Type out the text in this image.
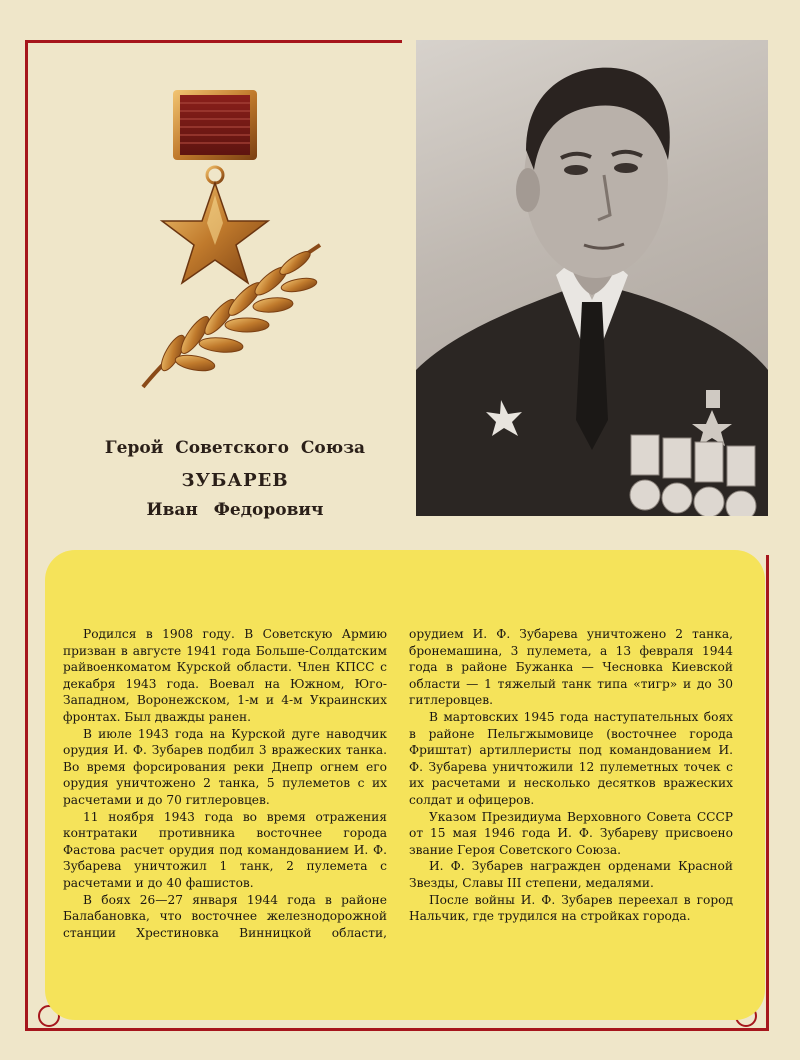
Герой Советского Союза
ЗУБАРЕВ
Иван Федорович

Родился в 1908 году. В Советскую Армию призван в августе 1941 года Больше-Солдатским райвоенкоматом Курской области. Член КПСС с декабря 1943 года. Воевал на Южном, Юго-Западном, Воронежском, 1-м и 4-м Украинских фронтах. Был дважды ранен.

В июле 1943 года на Курской дуге наводчик орудия И. Ф. Зубарев подбил 3 вражеских танка. Во время форсирования реки Днепр огнем его орудия уничтожено 2 танка, 5 пулеметов с их расчетами и до 70 гитлеровцев.

11 ноября 1943 года во время отражения контратаки противника восточнее города Фастова расчет орудия под командованием И. Ф. Зубарева уничтожил 1 танк, 2 пулемета с расчетами и до 40 фашистов.

В боях 26—27 января 1944 года в районе Балабановка, что восточнее железнодорожной станции Хрестиновка Винницкой области, орудием И. Ф. Зубарева уничтожено 2 танка, бронемашина, 3 пулемета, а 13 февраля 1944 года в районе Бужанка — Чесновка Киевской области — 1 тяжелый танк типа «тигр» и до 30 гитлеровцев.

В мартовских 1945 года наступательных боях в районе Пельгжымовице (восточнее города Фриштат) артиллеристы под командованием И. Ф. Зубарева уничтожили 12 пулеметных точек с их расчетами и несколько десятков вражеских солдат и офицеров.

Указом Президиума Верховного Совета СССР от 15 мая 1946 года И. Ф. Зубареву присвоено звание Героя Советского Союза.

И. Ф. Зубарев награжден орденами Красной Звезды, Славы III степени, медалями.

После войны И. Ф. Зубарев переехал в город Нальчик, где трудился на стройках города.
